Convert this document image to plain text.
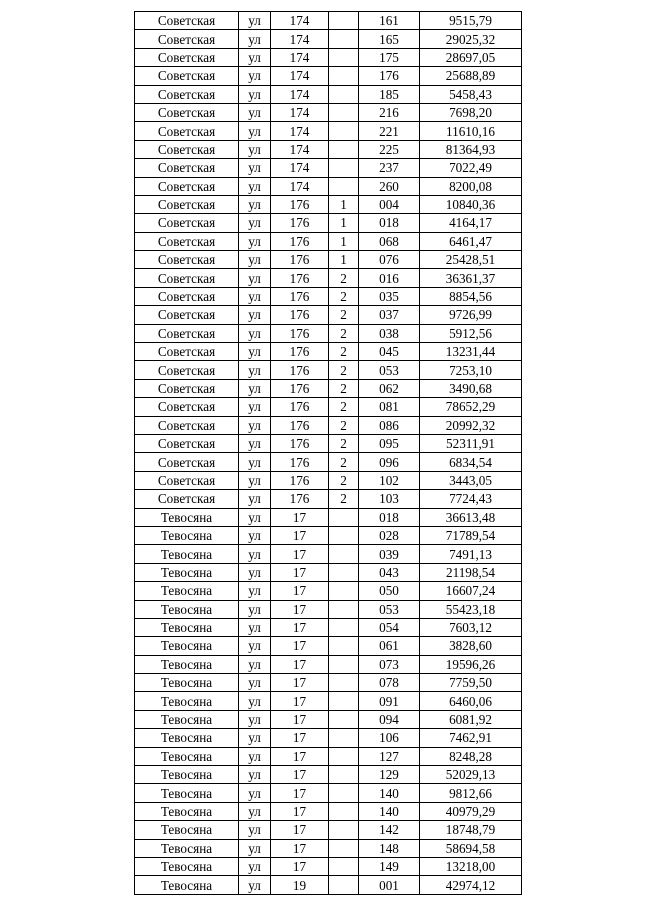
Советская	ул	174		161	9515,79
Советская	ул	174		165	29025,32
Советская	ул	174		175	28697,05
Советская	ул	174		176	25688,89
Советская	ул	174		185	5458,43
Советская	ул	174		216	7698,20
Советская	ул	174		221	11610,16
Советская	ул	174		225	81364,93
Советская	ул	174		237	7022,49
Советская	ул	174		260	8200,08
Советская	ул	176	1	004	10840,36
Советская	ул	176	1	018	4164,17
Советская	ул	176	1	068	6461,47
Советская	ул	176	1	076	25428,51
Советская	ул	176	2	016	36361,37
Советская	ул	176	2	035	8854,56
Советская	ул	176	2	037	9726,99
Советская	ул	176	2	038	5912,56
Советская	ул	176	2	045	13231,44
Советская	ул	176	2	053	7253,10
Советская	ул	176	2	062	3490,68
Советская	ул	176	2	081	78652,29
Советская	ул	176	2	086	20992,32
Советская	ул	176	2	095	52311,91
Советская	ул	176	2	096	6834,54
Советская	ул	176	2	102	3443,05
Советская	ул	176	2	103	7724,43
Тевосяна	ул	17		018	36613,48
Тевосяна	ул	17		028	71789,54
Тевосяна	ул	17		039	7491,13
Тевосяна	ул	17		043	21198,54
Тевосяна	ул	17		050	16607,24
Тевосяна	ул	17		053	55423,18
Тевосяна	ул	17		054	7603,12
Тевосяна	ул	17		061	3828,60
Тевосяна	ул	17		073	19596,26
Тевосяна	ул	17		078	7759,50
Тевосяна	ул	17		091	6460,06
Тевосяна	ул	17		094	6081,92
Тевосяна	ул	17		106	7462,91
Тевосяна	ул	17		127	8248,28
Тевосяна	ул	17		129	52029,13
Тевосяна	ул	17		140	9812,66
Тевосяна	ул	17		140	40979,29
Тевосяна	ул	17		142	18748,79
Тевосяна	ул	17		148	58694,58
Тевосяна	ул	17		149	13218,00
Тевосяна	ул	19		001	42974,12
